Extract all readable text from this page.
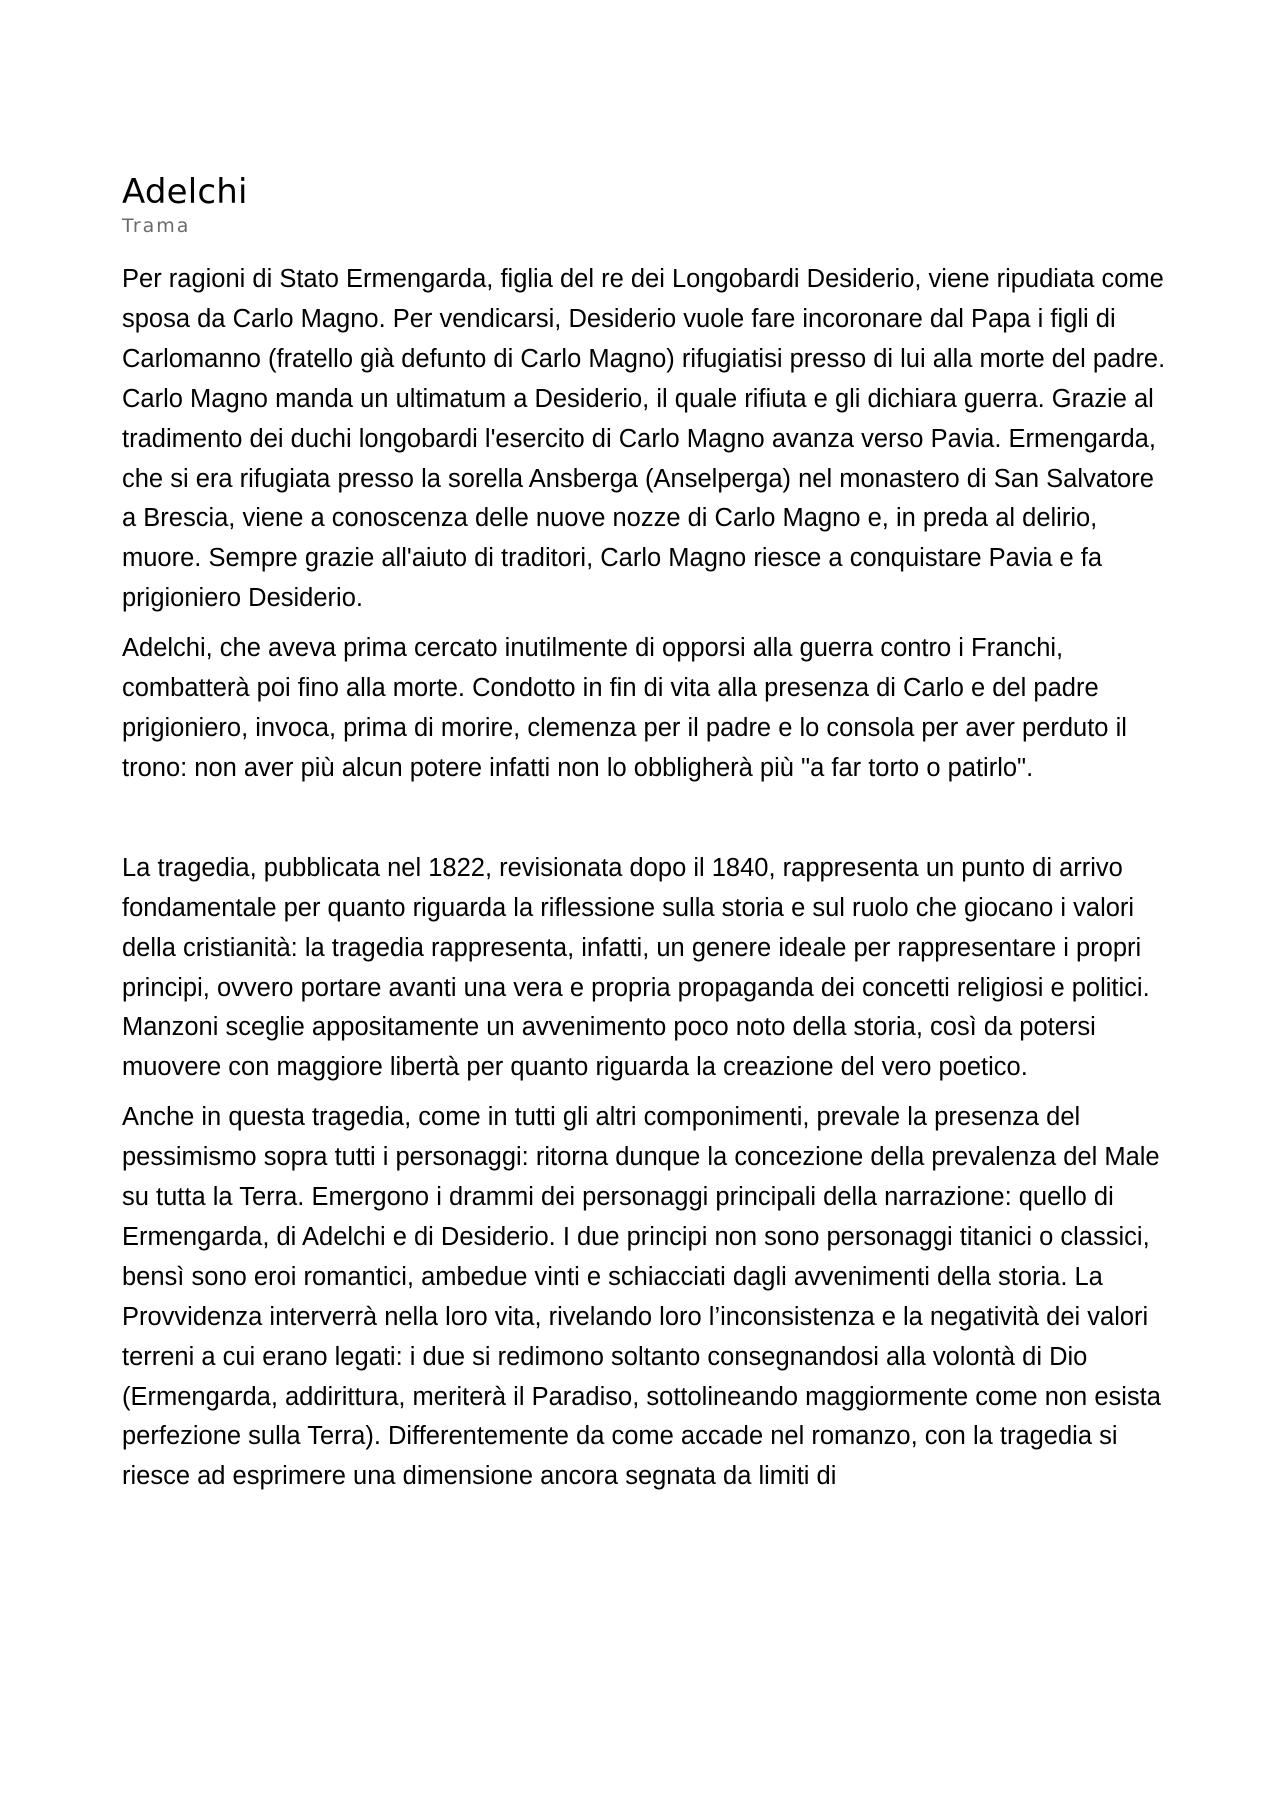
Adelchi
Trama

Per ragioni di Stato Ermengarda, figlia del re dei Longobardi Desiderio, viene ripudiata come sposa da Carlo Magno. Per vendicarsi, Desiderio vuole fare incoronare dal Papa i figli di Carlomanno (fratello già defunto di Carlo Magno) rifugiatisi presso di lui alla morte del padre. Carlo Magno manda un ultimatum a Desiderio, il quale rifiuta e gli dichiara guerra. Grazie al tradimento dei duchi longobardi l'esercito di Carlo Magno avanza verso Pavia. Ermengarda, che si era rifugiata presso la sorella Ansberga (Anselperga) nel monastero di San Salvatore a Brescia, viene a conoscenza delle nuove nozze di Carlo Magno e, in preda al delirio, muore. Sempre grazie all'aiuto di traditori, Carlo Magno riesce a conquistare Pavia e fa prigioniero Desiderio.

Adelchi, che aveva prima cercato inutilmente di opporsi alla guerra contro i Franchi, combatterà poi fino alla morte. Condotto in fin di vita alla presenza di Carlo e del padre prigioniero, invoca, prima di morire, clemenza per il padre e lo consola per aver perduto il trono: non aver più alcun potere infatti non lo obbligherà più "a far torto o patirlo".

La tragedia, pubblicata nel 1822, revisionata dopo il 1840, rappresenta un punto di arrivo fondamentale per quanto riguarda la riflessione sulla storia e sul ruolo che giocano i valori della cristianità: la tragedia rappresenta, infatti, un genere ideale per rappresentare i propri principi, ovvero portare avanti una vera e propria propaganda dei concetti religiosi e politici. Manzoni sceglie appositamente un avvenimento poco noto della storia, così da potersi muovere con maggiore libertà per quanto riguarda la creazione del vero poetico.

Anche in questa tragedia, come in tutti gli altri componimenti, prevale la presenza del pessimismo sopra tutti i personaggi: ritorna dunque la concezione della prevalenza del Male su tutta la Terra. Emergono i drammi dei personaggi principali della narrazione: quello di Ermengarda, di Adelchi e di Desiderio. I due principi non sono personaggi titanici o classici, bensì sono eroi romantici, ambedue vinti e schiacciati dagli avvenimenti della storia. La Provvidenza interverrà nella loro vita, rivelando loro l’inconsistenza e la negatività dei valori terreni a cui erano legati: i due si redimono soltanto consegnandosi alla volontà di Dio (Ermengarda, addirittura, meriterà il Paradiso, sottolineando maggiormente come non esista perfezione sulla Terra). Differentemente da come accade nel romanzo, con la tragedia si riesce ad esprimere una dimensione ancora segnata da limiti di
